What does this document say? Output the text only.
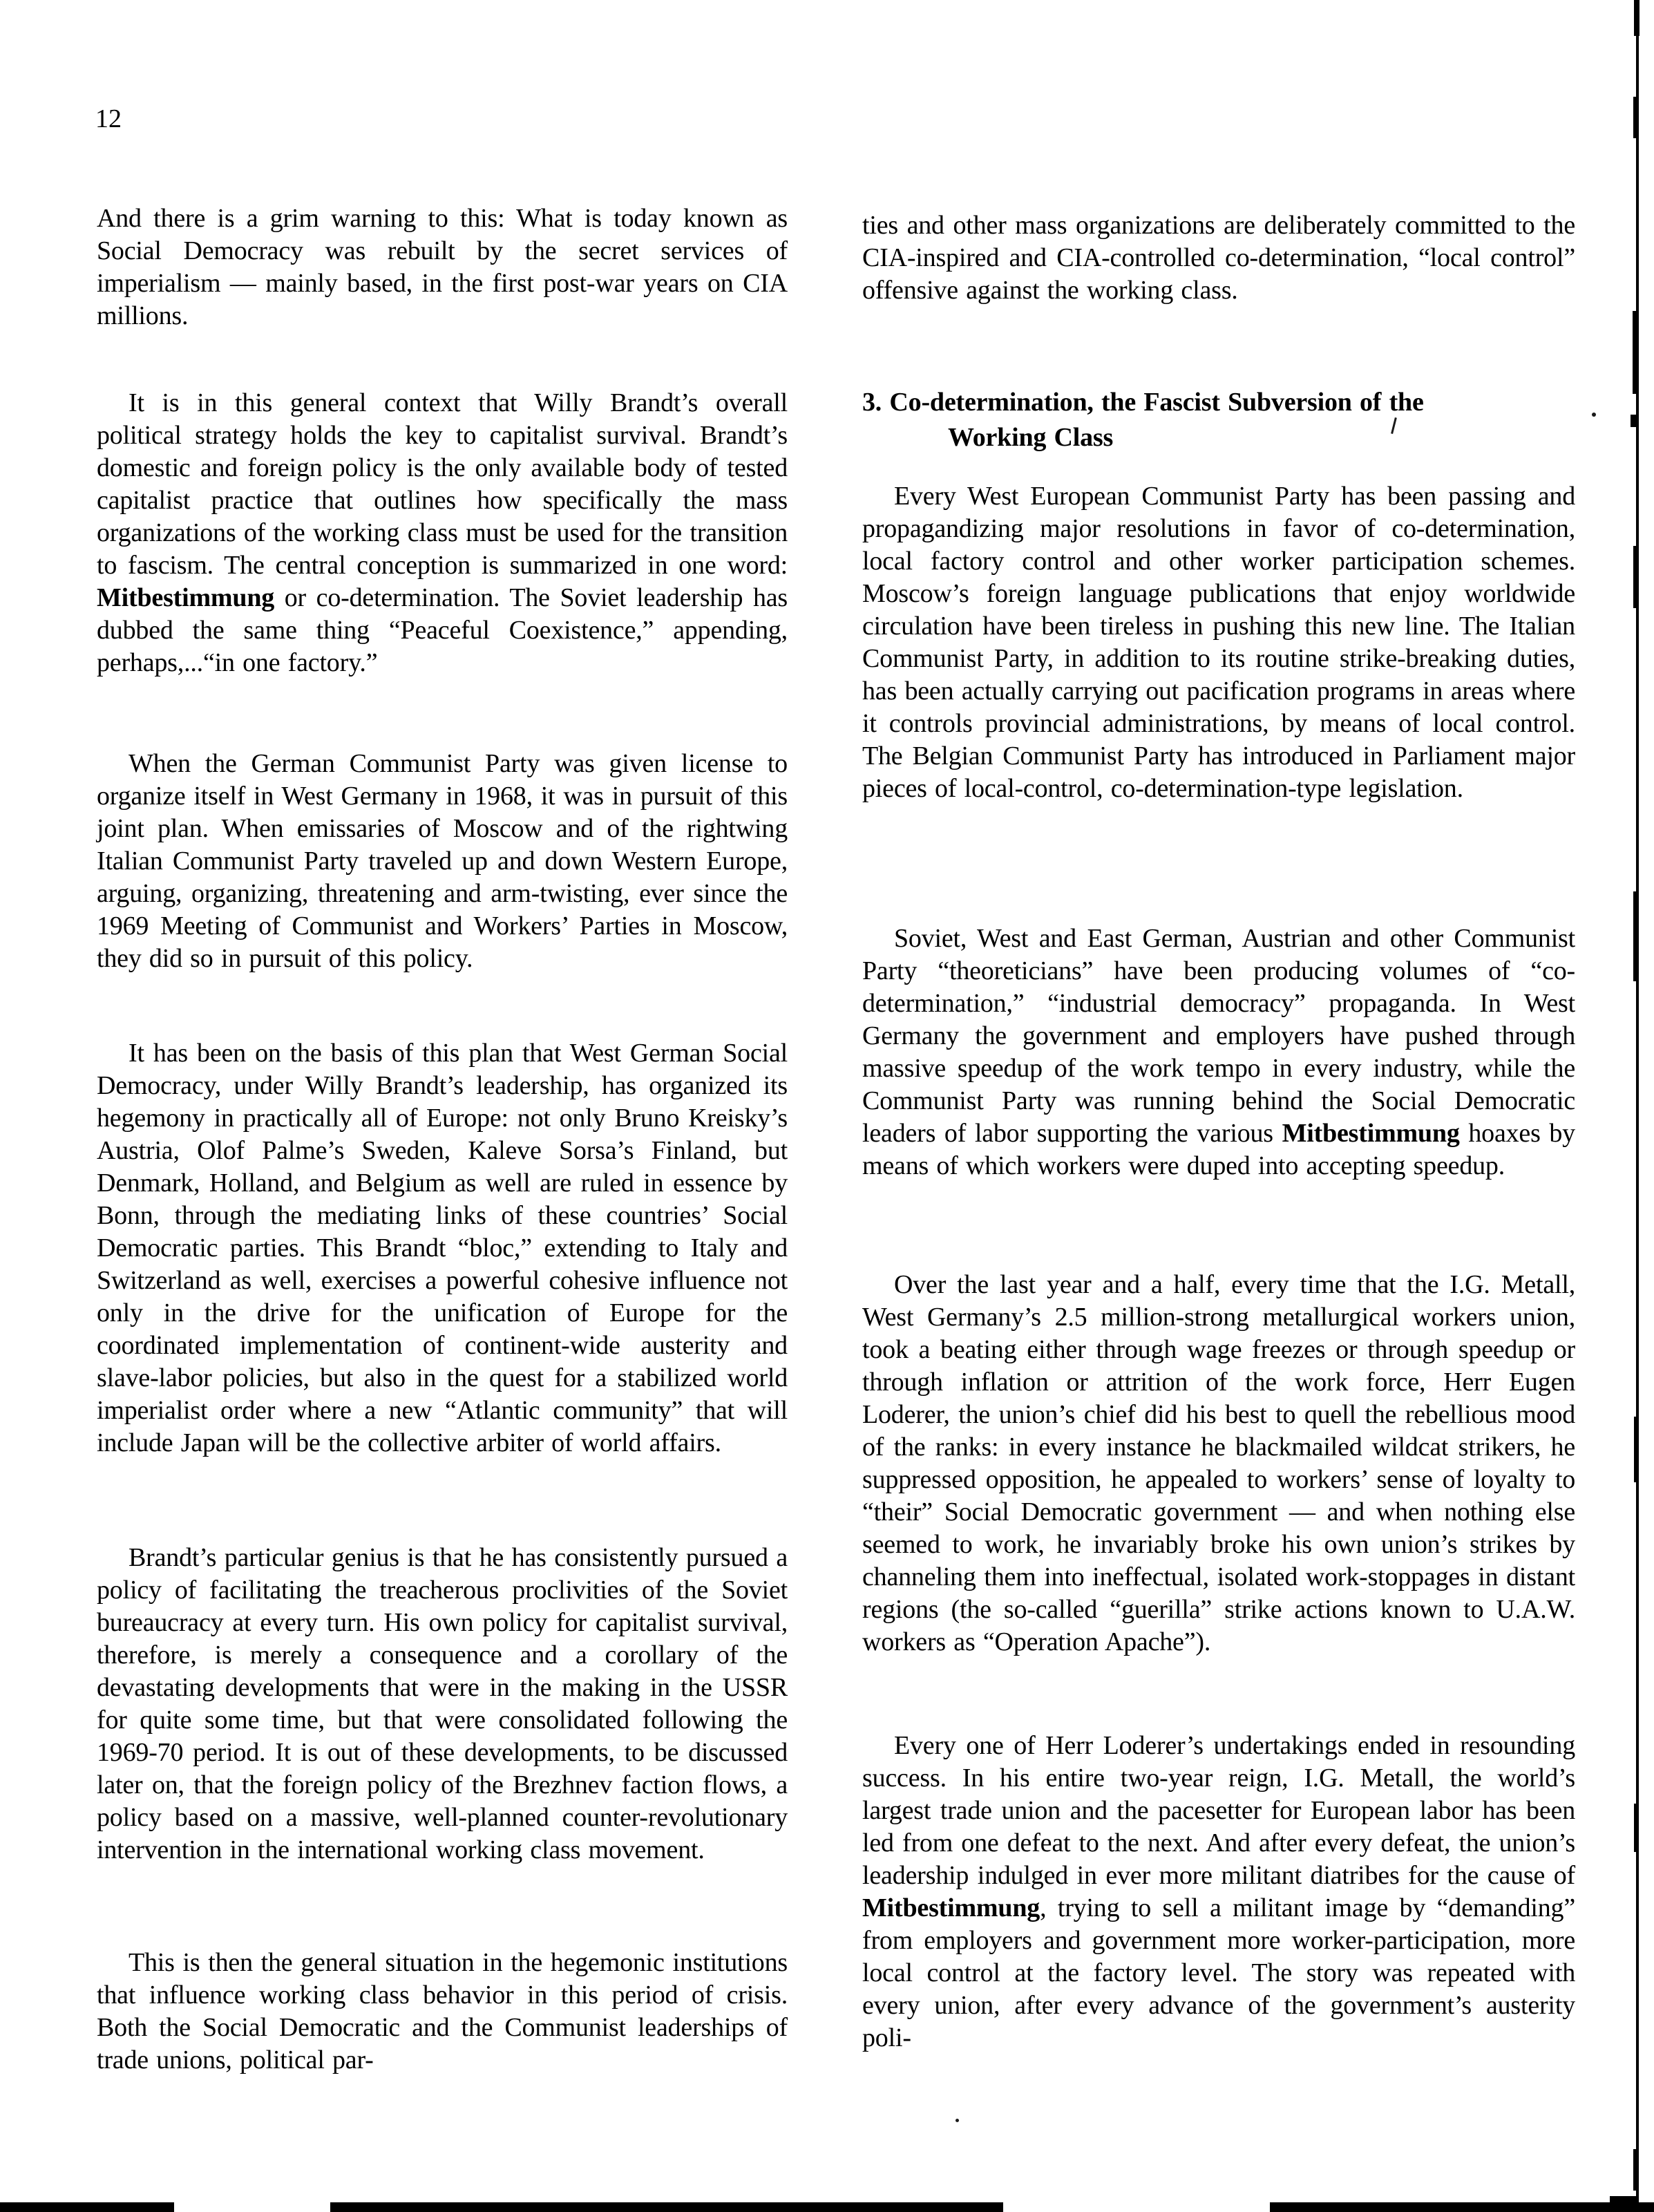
12

And there is a grim warning to this: What is today known as Social Democracy was rebuilt by the secret services of imperialism — mainly based, in the first post-war years on CIA millions.

It is in this general context that Willy Brandt’s overall political strategy holds the key to capitalist survival. Brandt’s domestic and foreign policy is the only available body of tested capitalist practice that outlines how specifically the mass organizations of the working class must be used for the transition to fascism. The central conception is summarized in one word: Mitbestimmung or co-determination. The Soviet leadership has dubbed the same thing “Peaceful Coexistence,” appending, perhaps,...“in one factory.”

When the German Communist Party was given license to organize itself in West Germany in 1968, it was in pursuit of this joint plan. When emissaries of Moscow and of the rightwing Italian Communist Party traveled up and down Western Europe, arguing, organizing, threatening and arm-twisting, ever since the 1969 Meeting of Communist and Workers’ Parties in Moscow, they did so in pursuit of this policy.

It has been on the basis of this plan that West German Social Democracy, under Willy Brandt’s leadership, has organized its hegemony in practically all of Europe: not only Bruno Kreisky’s Austria, Olof Palme’s Sweden, Kaleve Sorsa’s Finland, but Denmark, Holland, and Belgium as well are ruled in essence by Bonn, through the mediating links of these countries’ Social Democratic parties. This Brandt “bloc,” extending to Italy and Switzerland as well, exercises a powerful cohesive influence not only in the drive for the unification of Europe for the coordinated implementation of continent-wide austerity and slave-labor policies, but also in the quest for a stabilized world imperialist order where a new “Atlantic community” that will include Japan will be the collective arbiter of world affairs.

Brandt’s particular genius is that he has consistently pursued a policy of facilitating the treacherous proclivities of the Soviet bureaucracy at every turn. His own policy for capitalist survival, therefore, is merely a consequence and a corollary of the devastating developments that were in the making in the USSR for quite some time, but that were consolidated following the 1969-70 period. It is out of these developments, to be discussed later on, that the foreign policy of the Brezhnev faction flows, a policy based on a massive, well-planned counter-revolutionary intervention in the international working class movement.

This is then the general situation in the hegemonic institutions that influence working class behavior in this period of crisis. Both the Social Democratic and the Communist leaderships of trade unions, political par-

ties and other mass organizations are deliberately committed to the CIA-inspired and CIA-controlled co-determination, “local control” offensive against the working class.

3. Co-determination, the Fascist Subversion of the

Working Class

Every West European Communist Party has been passing and propagandizing major resolutions in favor of co-determination, local factory control and other worker participation schemes. Moscow’s foreign language publications that enjoy worldwide circulation have been tireless in pushing this new line. The Italian Communist Party, in addition to its routine strike-breaking duties, has been actually carrying out pacification programs in areas where it controls provincial administrations, by means of local control. The Belgian Communist Party has introduced in Parliament major pieces of local-control, co-determination-type legislation.

Soviet, West and East German, Austrian and other Communist Party “theoreticians” have been producing volumes of “co-determination,” “industrial democracy” propaganda. In West Germany the government and employers have pushed through massive speedup of the work tempo in every industry, while the Communist Party was running behind the Social Democratic leaders of labor supporting the various Mitbestimmung hoaxes by means of which workers were duped into accepting speedup.

Over the last year and a half, every time that the I.G. Metall, West Germany’s 2.5 million-strong metallurgical workers union, took a beating either through wage freezes or through speedup or through inflation or attrition of the work force, Herr Eugen Loderer, the union’s chief did his best to quell the rebellious mood of the ranks: in every instance he blackmailed wildcat strikers, he suppressed opposition, he appealed to workers’ sense of loyalty to “their” Social Democratic government — and when nothing else seemed to work, he invariably broke his own union’s strikes by channeling them into ineffectual, isolated work-stoppages in distant regions (the so-called “guerilla” strike actions known to U.A.W. workers as “Operation Apache”).

Every one of Herr Loderer’s undertakings ended in resounding success. In his entire two-year reign, I.G. Metall, the world’s largest trade union and the pacesetter for European labor has been led from one defeat to the next. And after every defeat, the union’s leadership indulged in ever more militant diatribes for the cause of Mitbestimmung, trying to sell a militant image by “demanding” from employers and government more worker-participation, more local control at the factory level. The story was repeated with every union, after every advance of the government’s austerity poli-
